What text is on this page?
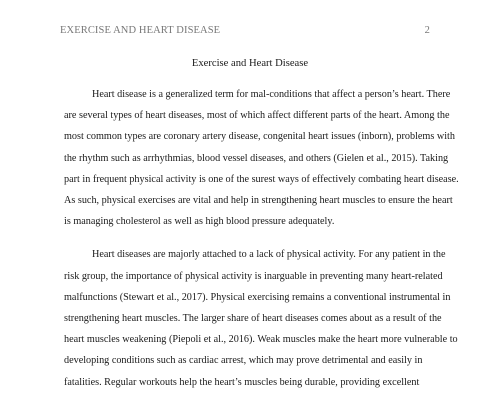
EXERCISE AND HEART DISEASE	2
Exercise and Heart Disease

Heart disease is a generalized term for mal-conditions that affect a person’s heart. There
are several types of heart diseases, most of which affect different parts of the heart. Among the
most common types are coronary artery disease, congenital heart issues (inborn), problems with
the rhythm such as arrhythmias, blood vessel diseases, and others (Gielen et al., 2015). Taking
part in frequent physical activity is one of the surest ways of effectively combating heart disease.
As such, physical exercises are vital and help in strengthening heart muscles to ensure the heart
is managing cholesterol as well as high blood pressure adequately.

Heart diseases are majorly attached to a lack of physical activity. For any patient in the
risk group, the importance of physical activity is inarguable in preventing many heart-related
malfunctions (Stewart et al., 2017). Physical exercising remains a conventional instrumental in
strengthening heart muscles. The larger share of heart diseases comes about as a result of the
heart muscles weakening (Piepoli et al., 2016). Weak muscles make the heart more vulnerable to
developing conditions such as cardiac arrest, which may prove detrimental and easily in
fatalities. Regular workouts help the heart’s muscles being durable, providing excellent
